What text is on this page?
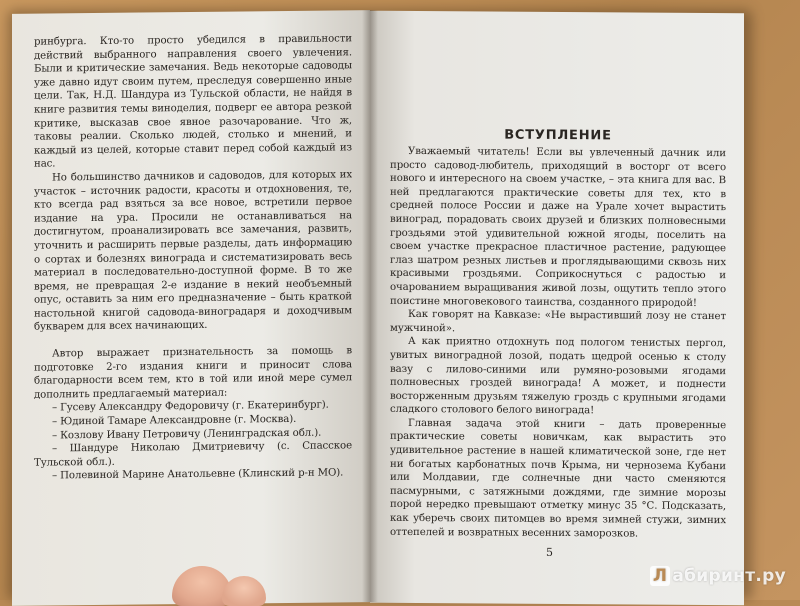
ринбурга. Кто-то просто убедился в правильности действий выбранного направления своего увлечения. Были и критические замечания. Ведь некоторые садоводы уже давно идут своим путем, преследуя совершенно иные цели. Так, Н.Д. Шандура из Тульской области, не найдя в книге развития темы виноделия, подверг ее автора резкой критике, высказав свое явное разочарование. Что ж, таковы реалии. Сколько людей, столько и мнений, и каждый из целей, которые ставит перед собой каждый из нас.

Но большинство дачников и садоводов, для которых их участок – источник радости, красоты и отдохновения, те, кто всегда рад взяться за все новое, встретили первое издание на ура. Просили не останавливаться на достигнутом, проанализировать все замечания, развить, уточнить и расширить первые разделы, дать информацию о сортах и болезнях винограда и систематизировать весь материал в последовательно-доступной форме. В то же время, не превращая 2-е издание в некий необъемный опус, оставить за ним его предназначение – быть краткой настольной книгой садовода-виноградаря и доходчивым букварем для всех начинающих.

Автор выражает признательность за помощь в подготовке 2-го издания книги и приносит слова благодарности всем тем, кто в той или иной мере сумел дополнить предлагаемый материал:

– Гусеву Александру Федоровичу (г. Екатеринбург).

– Юдиной Тамаре Александровне (г. Москва).

– Козлову Ивану Петровичу (Ленинградская обл.).

– Шандуре Николаю Дмитриевичу (с. Спасское Тульской обл.).

– Полевиной Марине Анатольевне (Клинский р-н МО).

ВСТУПЛЕНИЕ

Уважаемый читатель! Если вы увлеченный дачник или просто садовод-любитель, приходящий в восторг от всего нового и интересного на своем участке, – эта книга для вас. В ней предлагаются практические советы для тех, кто в средней полосе России и даже на Урале хочет вырастить виноград, порадовать своих друзей и близких полновесными гроздьями этой удивительной южной ягоды, поселить на своем участке прекрасное пластичное растение, радующее глаз шатром резных листьев и проглядывающими сквозь них красивыми гроздьями. Соприкоснуться с радостью и очарованием выращивания живой лозы, ощутить тепло этого поистине многовекового таинства, созданного природой!

Как говорят на Кавказе: «Не вырастивший лозу не станет мужчиной».

А как приятно отдохнуть под пологом тенистых пергол, увитых виноградной лозой, подать щедрой осенью к столу вазу с лилово-синими или румяно-розовыми ягодами полновесных гроздей винограда! А может, и поднести восторженным друзьям тяжелую гроздь с крупными ягодами сладкого столового белого винограда!

Главная задача этой книги – дать проверенные практические советы новичкам, как вырастить это удивительное растение в нашей климатической зоне, где нет ни богатых карбонатных почв Крыма, ни чернозема Кубани или Молдавии, где солнечные дни часто сменяются пасмурными, с затяжными дождями, где зимние морозы порой нередко превышают отметку минус 35 °С. Подсказать, как уберечь своих питомцев во время зимней стужи, зимних оттепелей и возвратных весенних заморозков.

5
Л абиринт.ру
